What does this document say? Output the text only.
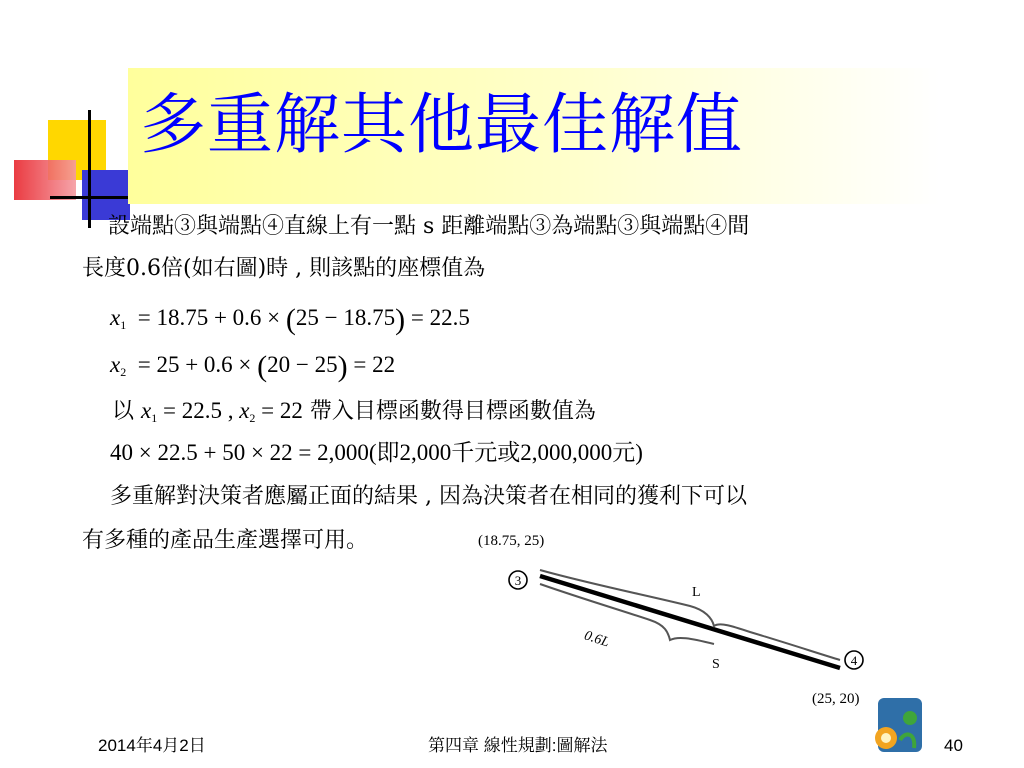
多重解其他最佳解值
設端點③與端點④直線上有一點 s 距離端點③為端點③與端點④間
長度0.6倍(如右圖)時 , 則該點的座標值為
$x_1 = 18.75 + 0.6 \times (25 - 18.75) = 22.5$
$x_2 = 25 + 0.6 \times (20 - 25) = 22$
以 $x_1 = 22.5$ , $x_2 = 22$ 帶入目標函數得目標函數值為
40 × 22.5 + 50 × 22 = 2,000(即2,000千元或2,000,000元)
多重解對決策者應屬正面的結果 , 因為決策者在相同的獲利下可以
有多種的產品生產選擇可用。	(18.75, 25)
3
L
0.6L
S	4
(25, 20)
2014年4月2日	第四章 線性規劃:圖解法	40
